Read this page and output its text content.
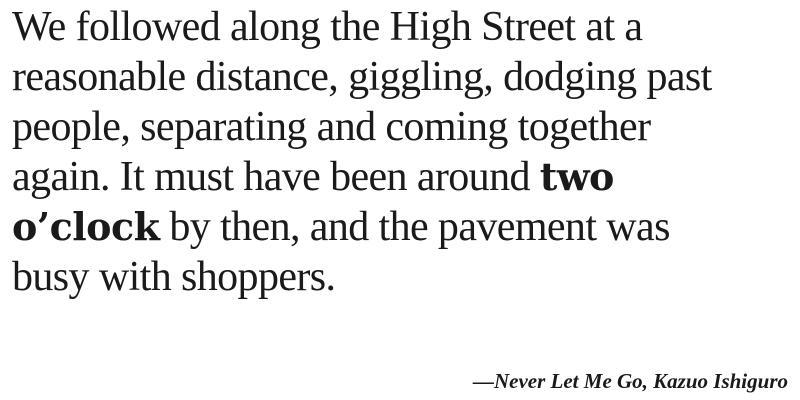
We followed along the High Street at a
reasonable distance, giggling, dodging past
people, separating and coming together
again. It must have been around two
o’clock by then, and the pavement was
busy with shoppers.

—Never Let Me Go, Kazuo Ishiguro
